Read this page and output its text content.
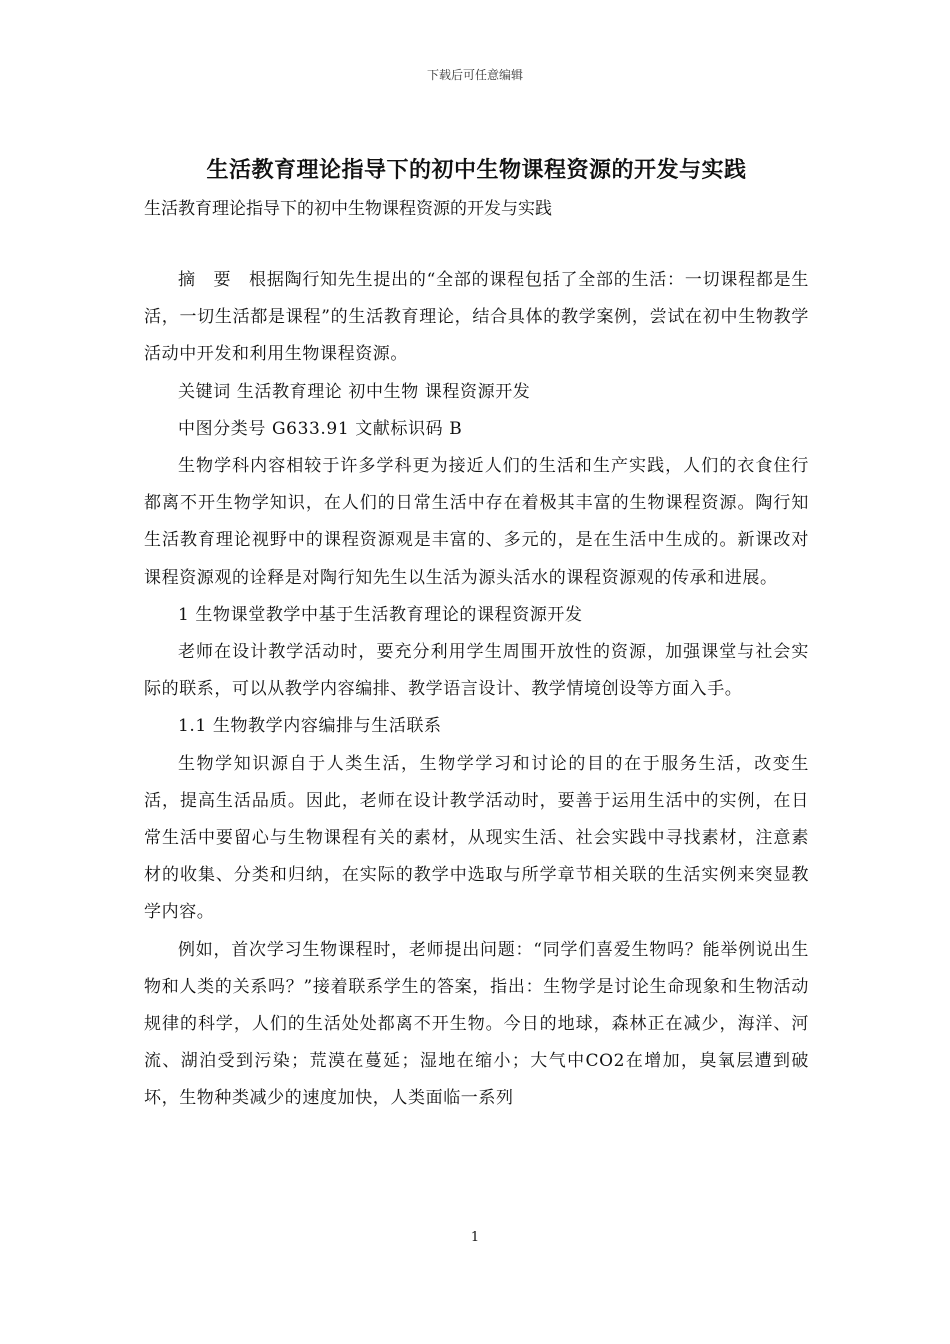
下载后可任意编辑
生活教育理论指导下的初中生物课程资源的开发与实践

生活教育理论指导下的初中生物课程资源的开发与实践

摘　要　根据陶行知先生提出的“全部的课程包括了全部的生活：一切课程都是生活，一切生活都是课程”的生活教育理论，结合具体的教学案例，尝试在初中生物教学活动中开发和利用生物课程资源。

关键词 生活教育理论 初中生物 课程资源开发

中图分类号 G633.91 文献标识码 B

生物学科内容相较于许多学科更为接近人们的生活和生产实践，人们的衣食住行都离不开生物学知识，在人们的日常生活中存在着极其丰富的生物课程资源。陶行知生活教育理论视野中的课程资源观是丰富的、多元的，是在生活中生成的。新课改对课程资源观的诠释是对陶行知先生以生活为源头活水的课程资源观的传承和进展。

1 生物课堂教学中基于生活教育理论的课程资源开发

老师在设计教学活动时，要充分利用学生周围开放性的资源，加强课堂与社会实际的联系，可以从教学内容编排、教学语言设计、教学情境创设等方面入手。

1.1 生物教学内容编排与生活联系

生物学知识源自于人类生活，生物学学习和讨论的目的在于服务生活，改变生活，提高生活品质。因此，老师在设计教学活动时，要善于运用生活中的实例，在日常生活中要留心与生物课程有关的素材，从现实生活、社会实践中寻找素材，注意素材的收集、分类和归纳，在实际的教学中选取与所学章节相关联的生活实例来突显教学内容。

例如，首次学习生物课程时，老师提出问题：“同学们喜爱生物吗？能举例说出生物和人类的关系吗？”接着联系学生的答案，指出：生物学是讨论生命现象和生物活动规律的科学，人们的生活处处都离不开生物。今日的地球，森林正在减少，海洋、河流、湖泊受到污染；荒漠在蔓延；湿地在缩小；大气中CO2在增加，臭氧层遭到破坏，生物种类减少的速度加快，人类面临一系列

1
